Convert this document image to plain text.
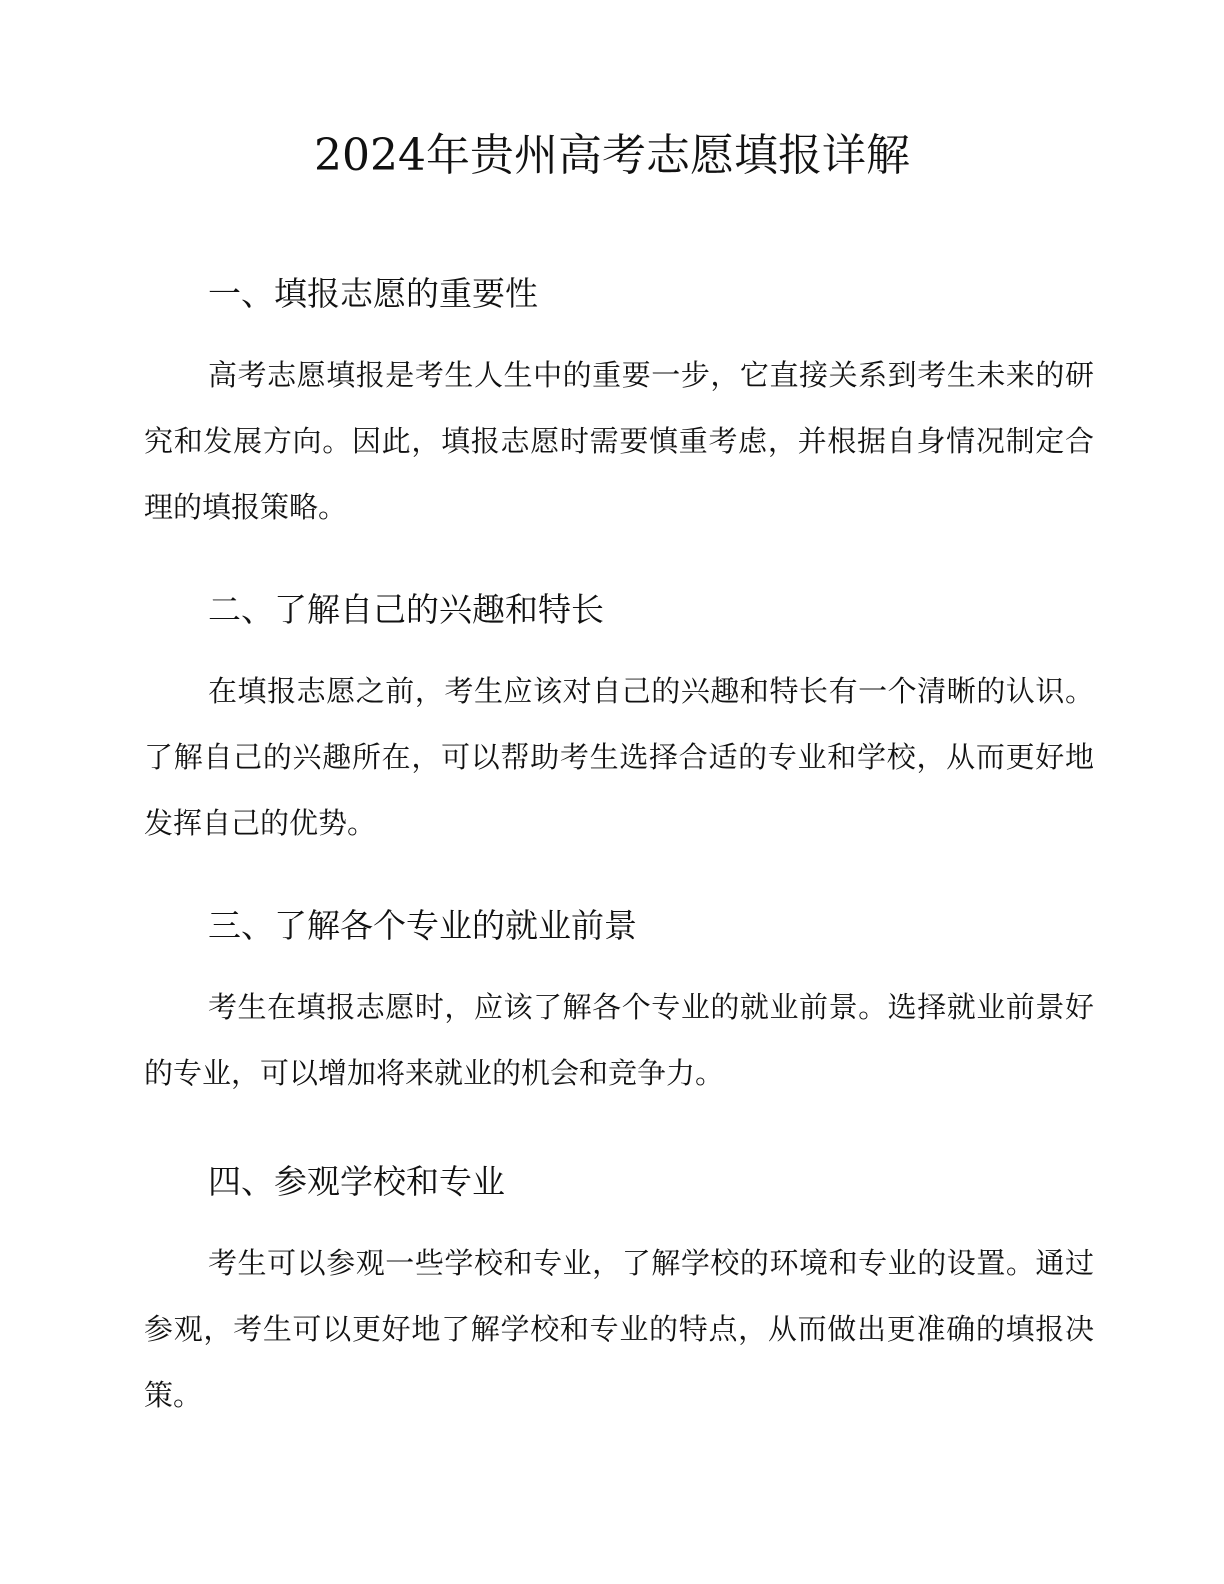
2024年贵州高考志愿填报详解
一、填报志愿的重要性

高考志愿填报是考生人生中的重要一步，它直接关系到考生未来的研究和发展方向。因此，填报志愿时需要慎重考虑，并根据自身情况制定合理的填报策略。

二、了解自己的兴趣和特长

在填报志愿之前，考生应该对自己的兴趣和特长有一个清晰的认识。了解自己的兴趣所在，可以帮助考生选择合适的专业和学校，从而更好地发挥自己的优势。

三、了解各个专业的就业前景

考生在填报志愿时，应该了解各个专业的就业前景。选择就业前景好的专业，可以增加将来就业的机会和竞争力。

四、参观学校和专业

考生可以参观一些学校和专业，了解学校的环境和专业的设置。通过参观，考生可以更好地了解学校和专业的特点，从而做出更准确的填报决策。
